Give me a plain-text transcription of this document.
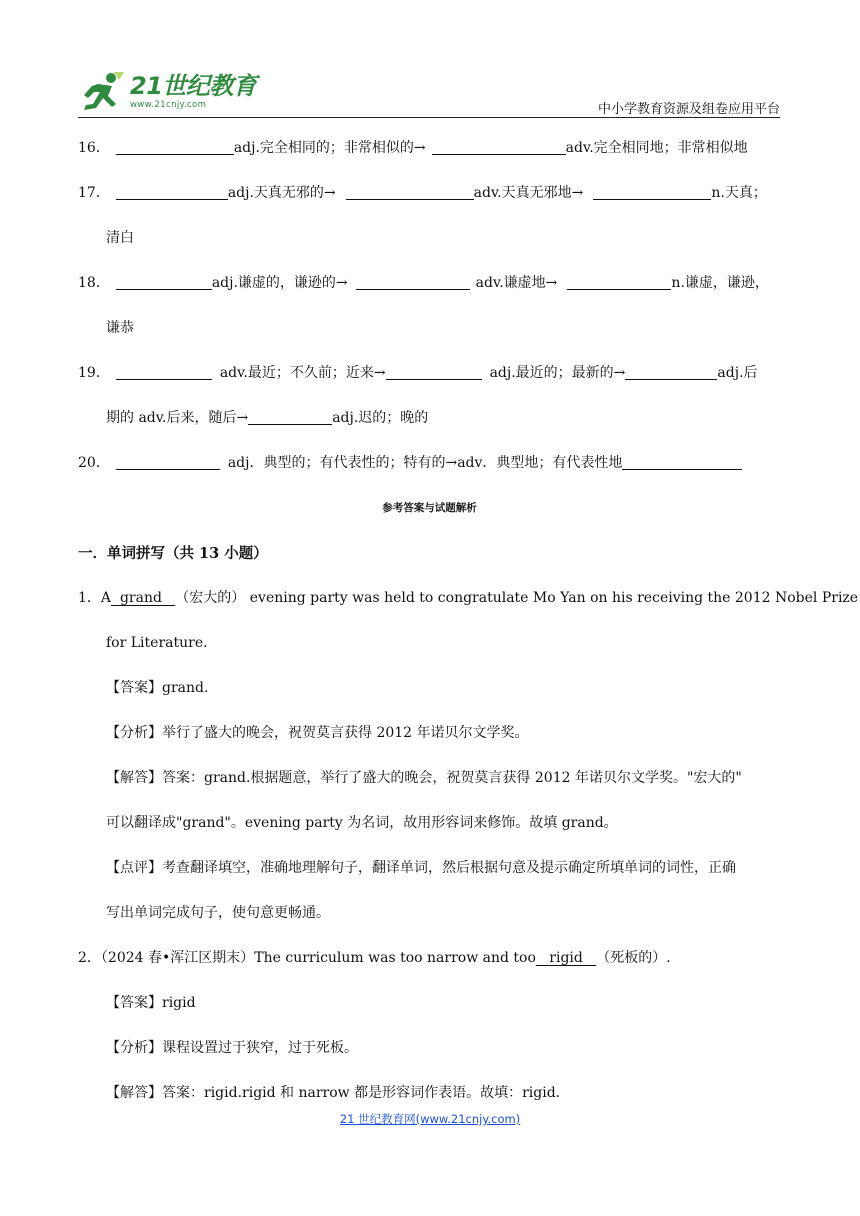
21世纪教育
www.21cnjy.com	中小学教育资源及组卷应用平台
16．	adj.完全相同的；非常相似的→	adv.完全相同地；非常相似地
17．	adj.天真无邪的→	adv.天真无邪地→	n.天真；
清白
18．	adj.谦虚的，谦逊的→	adv.谦虚地→	n.谦虚，谦逊，
谦恭
19．	adv.最近；不久前；近来→	adj.最近的；最新的→	adj.后
期的 adv.后来，随后→	adj.迟的；晚的
20．	adj．典型的；有代表性的；特有的→adv．典型地；有代表性地
参考答案与试题解析
一．单词拼写（共 13 小题）
1．A grand （宏大的） evening party was held to congratulate Mo Yan on his receiving the 2012 Nobel Prize
for Literature.
【答案】grand.
【分析】举行了盛大的晚会，祝贺莫言获得 2012 年诺贝尔文学奖。
【解答】答案：grand.根据题意，举行了盛大的晚会，祝贺莫言获得 2012 年诺贝尔文学奖。"宏大的"
可以翻译成"grand"。evening party 为名词，故用形容词来修饰。故填 grand。
【点评】考查翻译填空，准确地理解句子，翻译单词，然后根据句意及提示确定所填单词的词性，正确
写出单词完成句子，使句意更畅通。
2．（2024 春•浑江区期末）The curriculum was too narrow and too rigid （死板的）.
【答案】rigid
【分析】课程设置过于狭窄，过于死板。
【解答】答案：rigid.rigid 和 narrow 都是形容词作表语。故填：rigid.
21 世纪教育网(www.21cnjy.com)
